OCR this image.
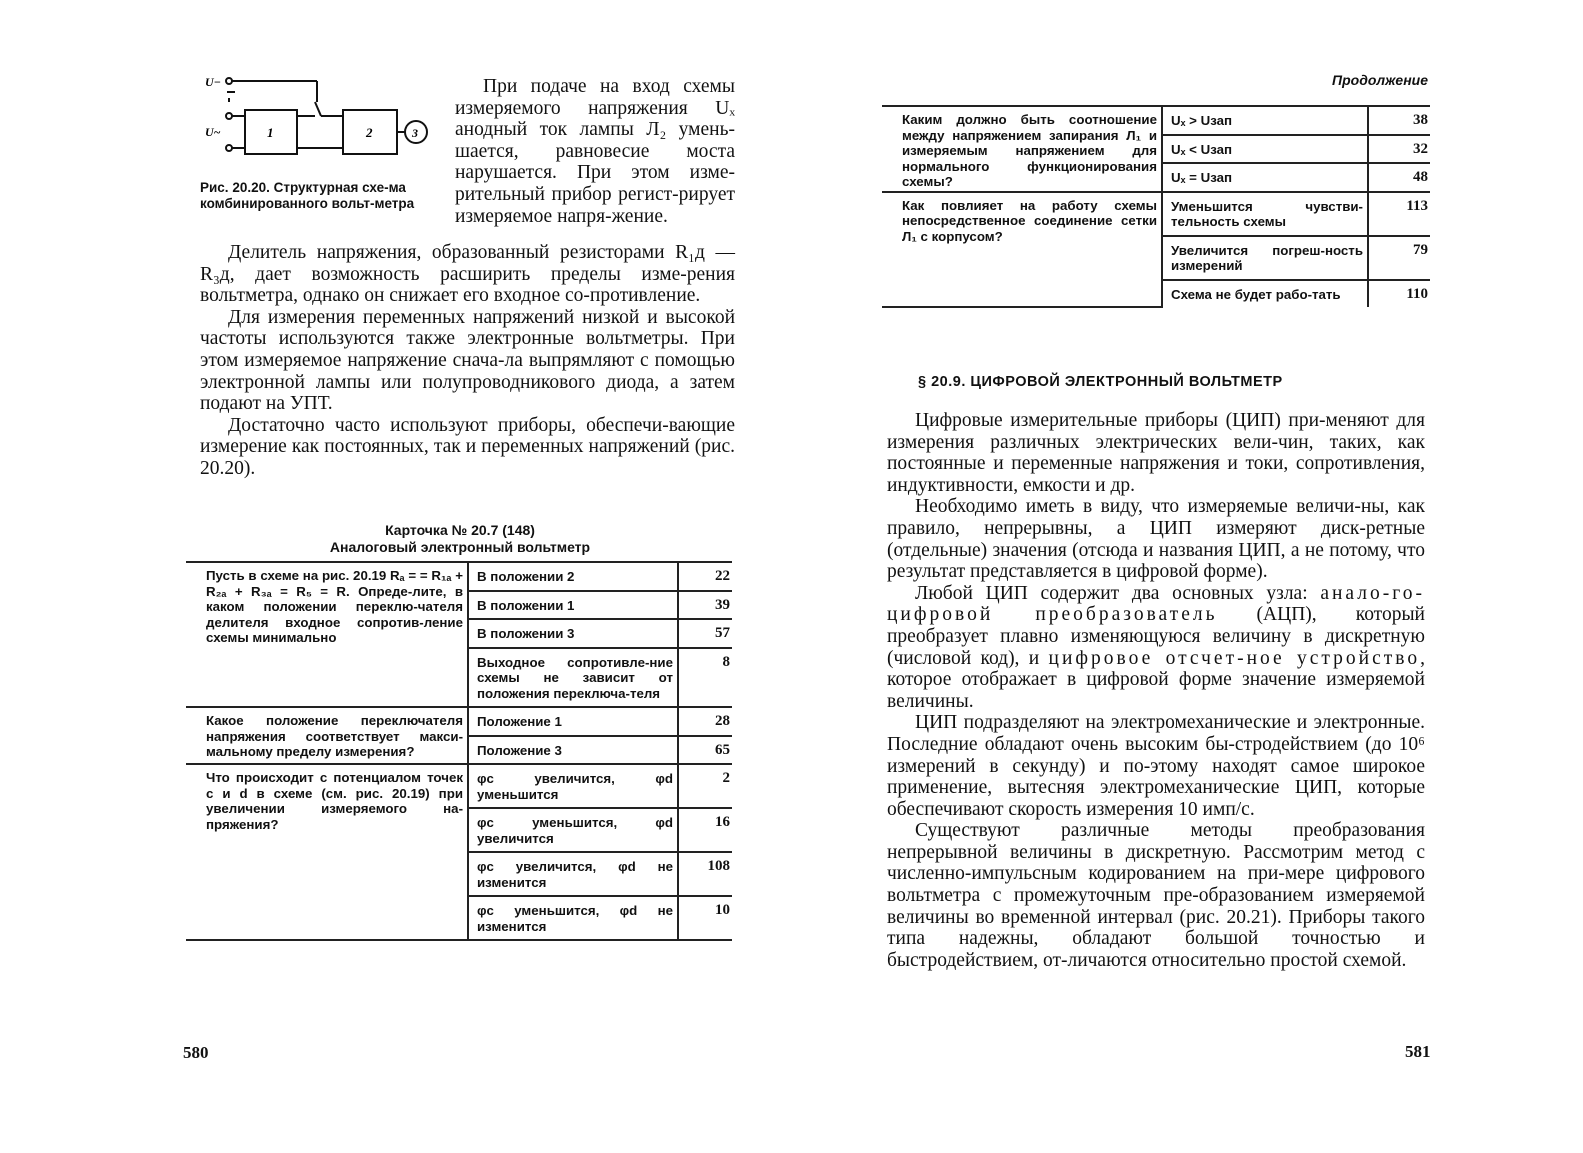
U−
U~	1	2	3
Рис. 20.20. Структурная схе-ма комбинированного вольт-метра

При подаче на вход схемы измеряемого напряжения Uₓ анодный ток лампы Л₂ умень-шается, равновесие моста нарушается. При этом изме-рительный прибор регист-рирует измеряемое напря-жение.

Делитель напряжения, образованный резисторами R₁д — R₃д, дает возможность расширить пределы изме-рения вольтметра, однако он снижает его входное со-противление.

Для измерения переменных напряжений низкой и высокой частоты используются также электронные вольтметры. При этом измеряемое напряжение снача-ла выпрямляют с помощью электронной лампы или полупроводникового диода, а затем подают на УПТ.

Достаточно часто используют приборы, обеспечи-вающие измерение как постоянных, так и переменных напряжений (рис. 20.20).

Карточка № 20.7 (148)
Аналоговый электронный вольтметр
Пусть в схеме на рис. 20.19 Rₐ = = R₁ₐ + R₂ₐ + R₃ₐ = R₅ = R. Опреде-лите, в каком положении переклю-чателя делителя входное сопротив-ление схемы минимально	В положении 2	22
	В положении 1	39
	В положении 3	57
	Выходное сопротивле-ние схемы не зависит от положения переключа-теля	8
Какое положение переключателя напряжения соответствует макси-мальному пределу измерения?	Положение 1	28
	Положение 3	65
Что происходит с потенциалом точек c и d в схеме (см. рис. 20.19) при увеличении измеряемого на-пряжения?	φc увеличится, φd уменьшится	2
	φc уменьшится, φd увеличится	16
	φc увеличится, φd не изменится	108
	φc уменьшится, φd не изменится	10
580
Продолжение
Каким должно быть соотношение между напряжением запирания Л₁ и измеряемым напряжением для нормального функционирования схемы?	Uₓ > Uзап	38
	Uₓ < Uзап	32
	Uₓ = Uзап	48
Как повлияет на работу схемы непосредственное соединение сетки Л₁ с корпусом?	Уменьшится чувстви-тельность схемы	113
	Увеличится погреш-ность измерений	79
	Схема не будет рабо-тать	110
§ 20.9. ЦИФРОВОЙ ЭЛЕКТРОННЫЙ ВОЛЬТМЕТР

Цифровые измерительные приборы (ЦИП) при-меняют для измерения различных электрических вели-чин, таких, как постоянные и переменные напряжения и токи, сопротивления, индуктивности, емкости и др.

Необходимо иметь в виду, что измеряемые величи-ны, как правило, непрерывны, а ЦИП измеряют диск-ретные (отдельные) значения (отсюда и названия ЦИП, а не потому, что результат представляется в цифровой форме).

Любой ЦИП содержит два основных узла: анало-го-цифровой преобразователь (АЦП), который преобразует плавно изменяющуюся величину в дискретную (числовой код), и цифровое отсчет-ное устройство, которое отображает в цифровой форме значение измеряемой величины.

ЦИП подразделяют на электромеханические и электронные. Последние обладают очень высоким бы-стродействием (до 10⁶ измерений в секунду) и по-этому находят самое широкое применение, вытесняя электромеханические ЦИП, которые обеспечивают скорость измерения 10 имп/с.

Существуют различные методы преобразования непрерывной величины в дискретную. Рассмотрим метод с численно-импульсным кодированием на при-мере цифрового вольтметра с промежуточным пре-образованием измеряемой величины во временной интервал (рис. 20.21). Приборы такого типа надежны, обладают большой точностью и быстродействием, от-личаются относительно простой схемой.

581
